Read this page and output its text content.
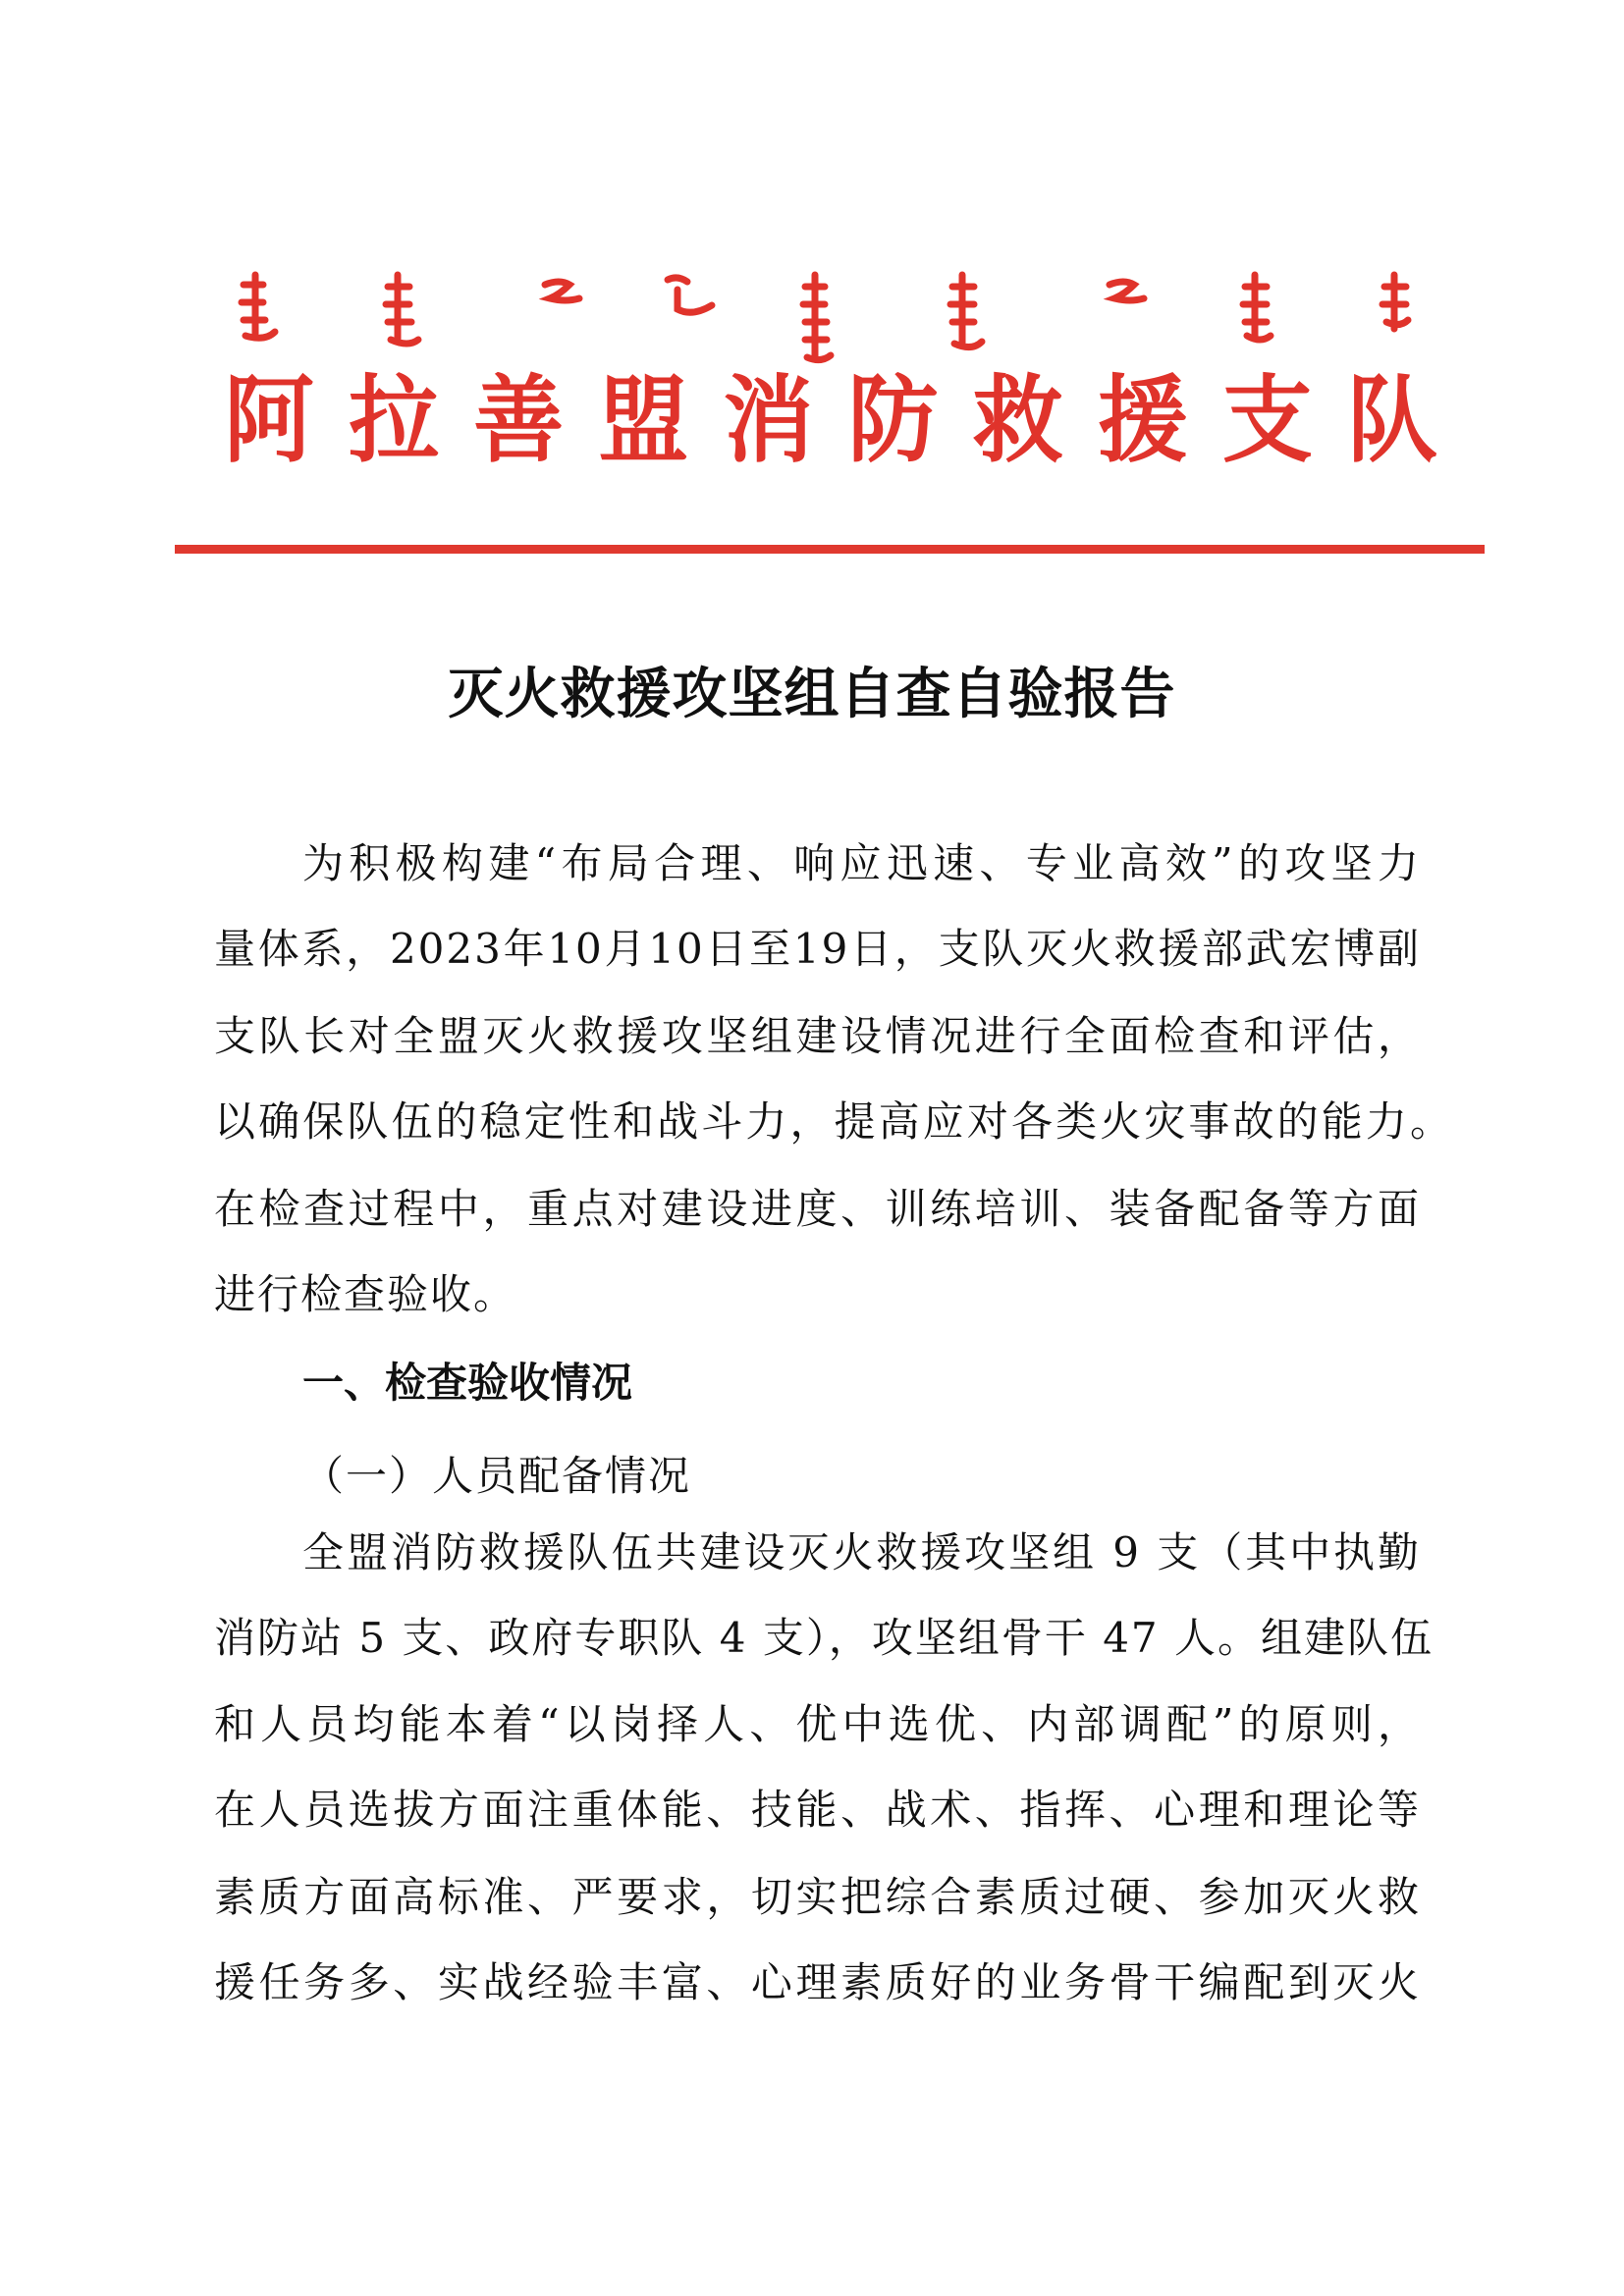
阿 拉 善 盟 消 防 救 援 支 队
灭火救援攻坚组自查自验报告
为积极构建“布局合理、响应迅速、专业高效”的攻坚力
量体系，2023年10月10日至19日，支队灭火救援部武宏博副
支队长对全盟灭火救援攻坚组建设情况进行全面检查和评估，
以确保队伍的稳定性和战斗力，提高应对各类火灾事故的能力。
在检查过程中，重点对建设进度、训练培训、装备配备等方面
进行检查验收。
一、检查验收情况
（一）人员配备情况
全盟消防救援队伍共建设灭火救援攻坚组 9 支（其中执勤
消防站 5 支、政府专职队 4 支），攻坚组骨干 47 人。组建队伍
和人员均能本着“以岗择人、优中选优、内部调配”的原则，
在人员选拔方面注重体能、技能、战术、指挥、心理和理论等
素质方面高标准、严要求，切实把综合素质过硬、参加灭火救
援任务多、实战经验丰富、心理素质好的业务骨干编配到灭火
